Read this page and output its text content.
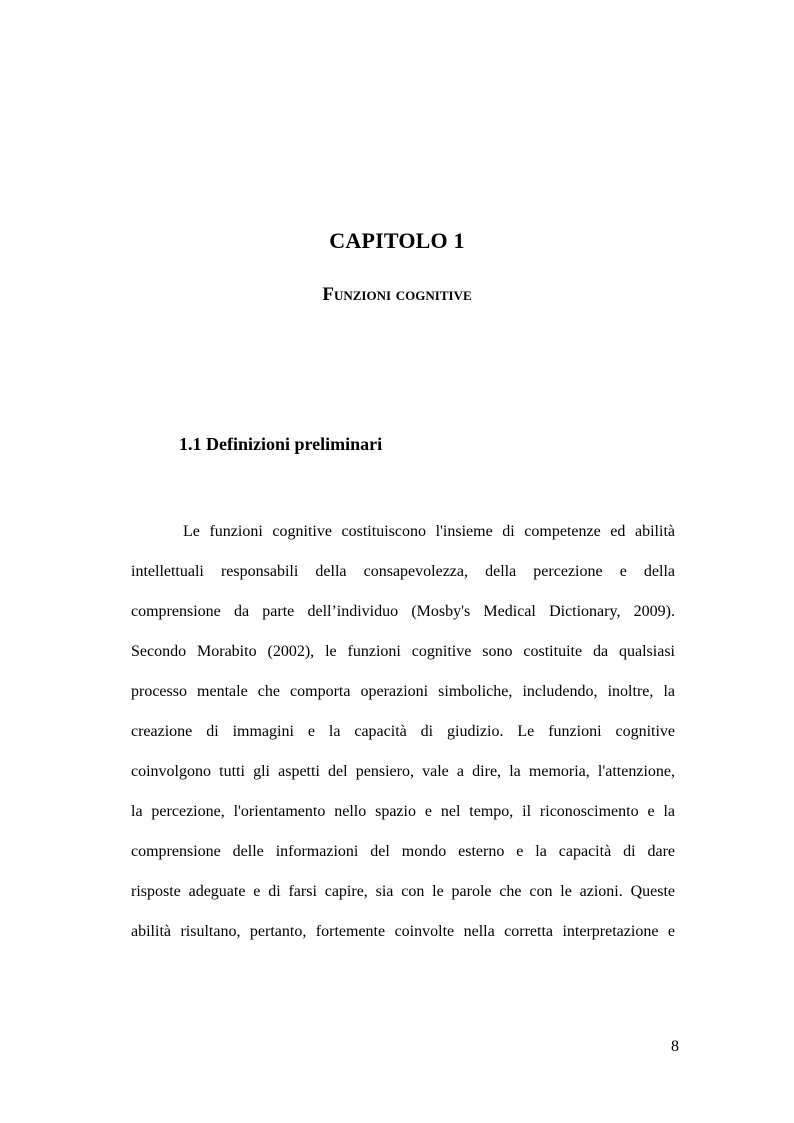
CAPITOLO 1
Funzioni cognitive
1.1 Definizioni preliminari
Le funzioni cognitive costituiscono l'insieme di competenze ed abilità
intellettuali responsabili della consapevolezza, della percezione e della
comprensione da parte dell’individuo (Mosby's Medical Dictionary, 2009).
Secondo Morabito (2002), le funzioni cognitive sono costituite da qualsiasi
processo mentale che comporta operazioni simboliche, includendo, inoltre, la
creazione di immagini e la capacità di giudizio. Le funzioni cognitive
coinvolgono tutti gli aspetti del pensiero, vale a dire, la memoria, l'attenzione,
la percezione, l'orientamento nello spazio e nel tempo, il riconoscimento e la
comprensione delle informazioni del mondo esterno e la capacità di dare
risposte adeguate e di farsi capire, sia con le parole che con le azioni. Queste
abilità risultano, pertanto, fortemente coinvolte nella corretta interpretazione e
8
